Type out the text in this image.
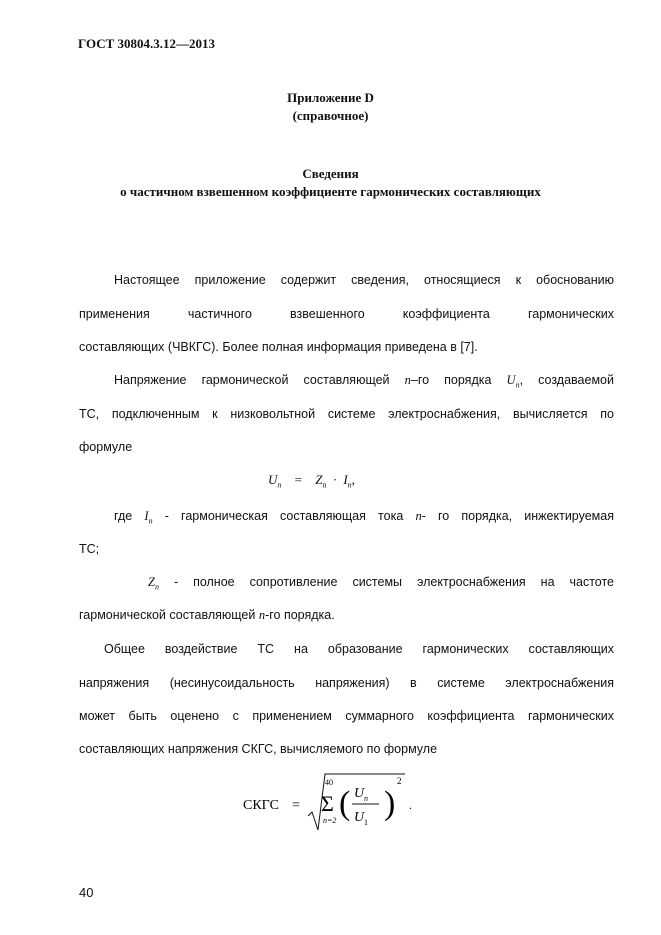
ГОСТ 30804.3.12—2013
Приложение D
(справочное)
Сведения
о частичном взвешенном коэффициенте гармонических составляющих
Настоящее приложение содержит сведения, относящиеся к обоснованию
применения частичного взвешенного коэффициента гармонических
составляющих (ЧВКГС). Более полная информация приведена в [7].
Напряжение гармонической составляющей n–го порядка $U_n$, создаваемой
ТС, подключенным к низковольтной системе электроснабжения, вычисляется по
формуле
$U_n = Z_n \cdot I_n$,
где $I_n$ - гармоническая составляющая тока n- го порядка, инжектируемая
ТС;
$Z_n$ - полное сопротивление системы электроснабжения на частоте
гармонической составляющей n-го порядка.
Общее воздействие ТС на образование гармонических составляющих
напряжения (несинусоидальность напряжения) в системе электроснабжения
может быть оценено с применением суммарного коэффициента гармонических
составляющих напряжения СКГС, вычисляемого по формуле
СКГС =
40
Σ
n=2 ( )
U n
U 1
2
.
40
